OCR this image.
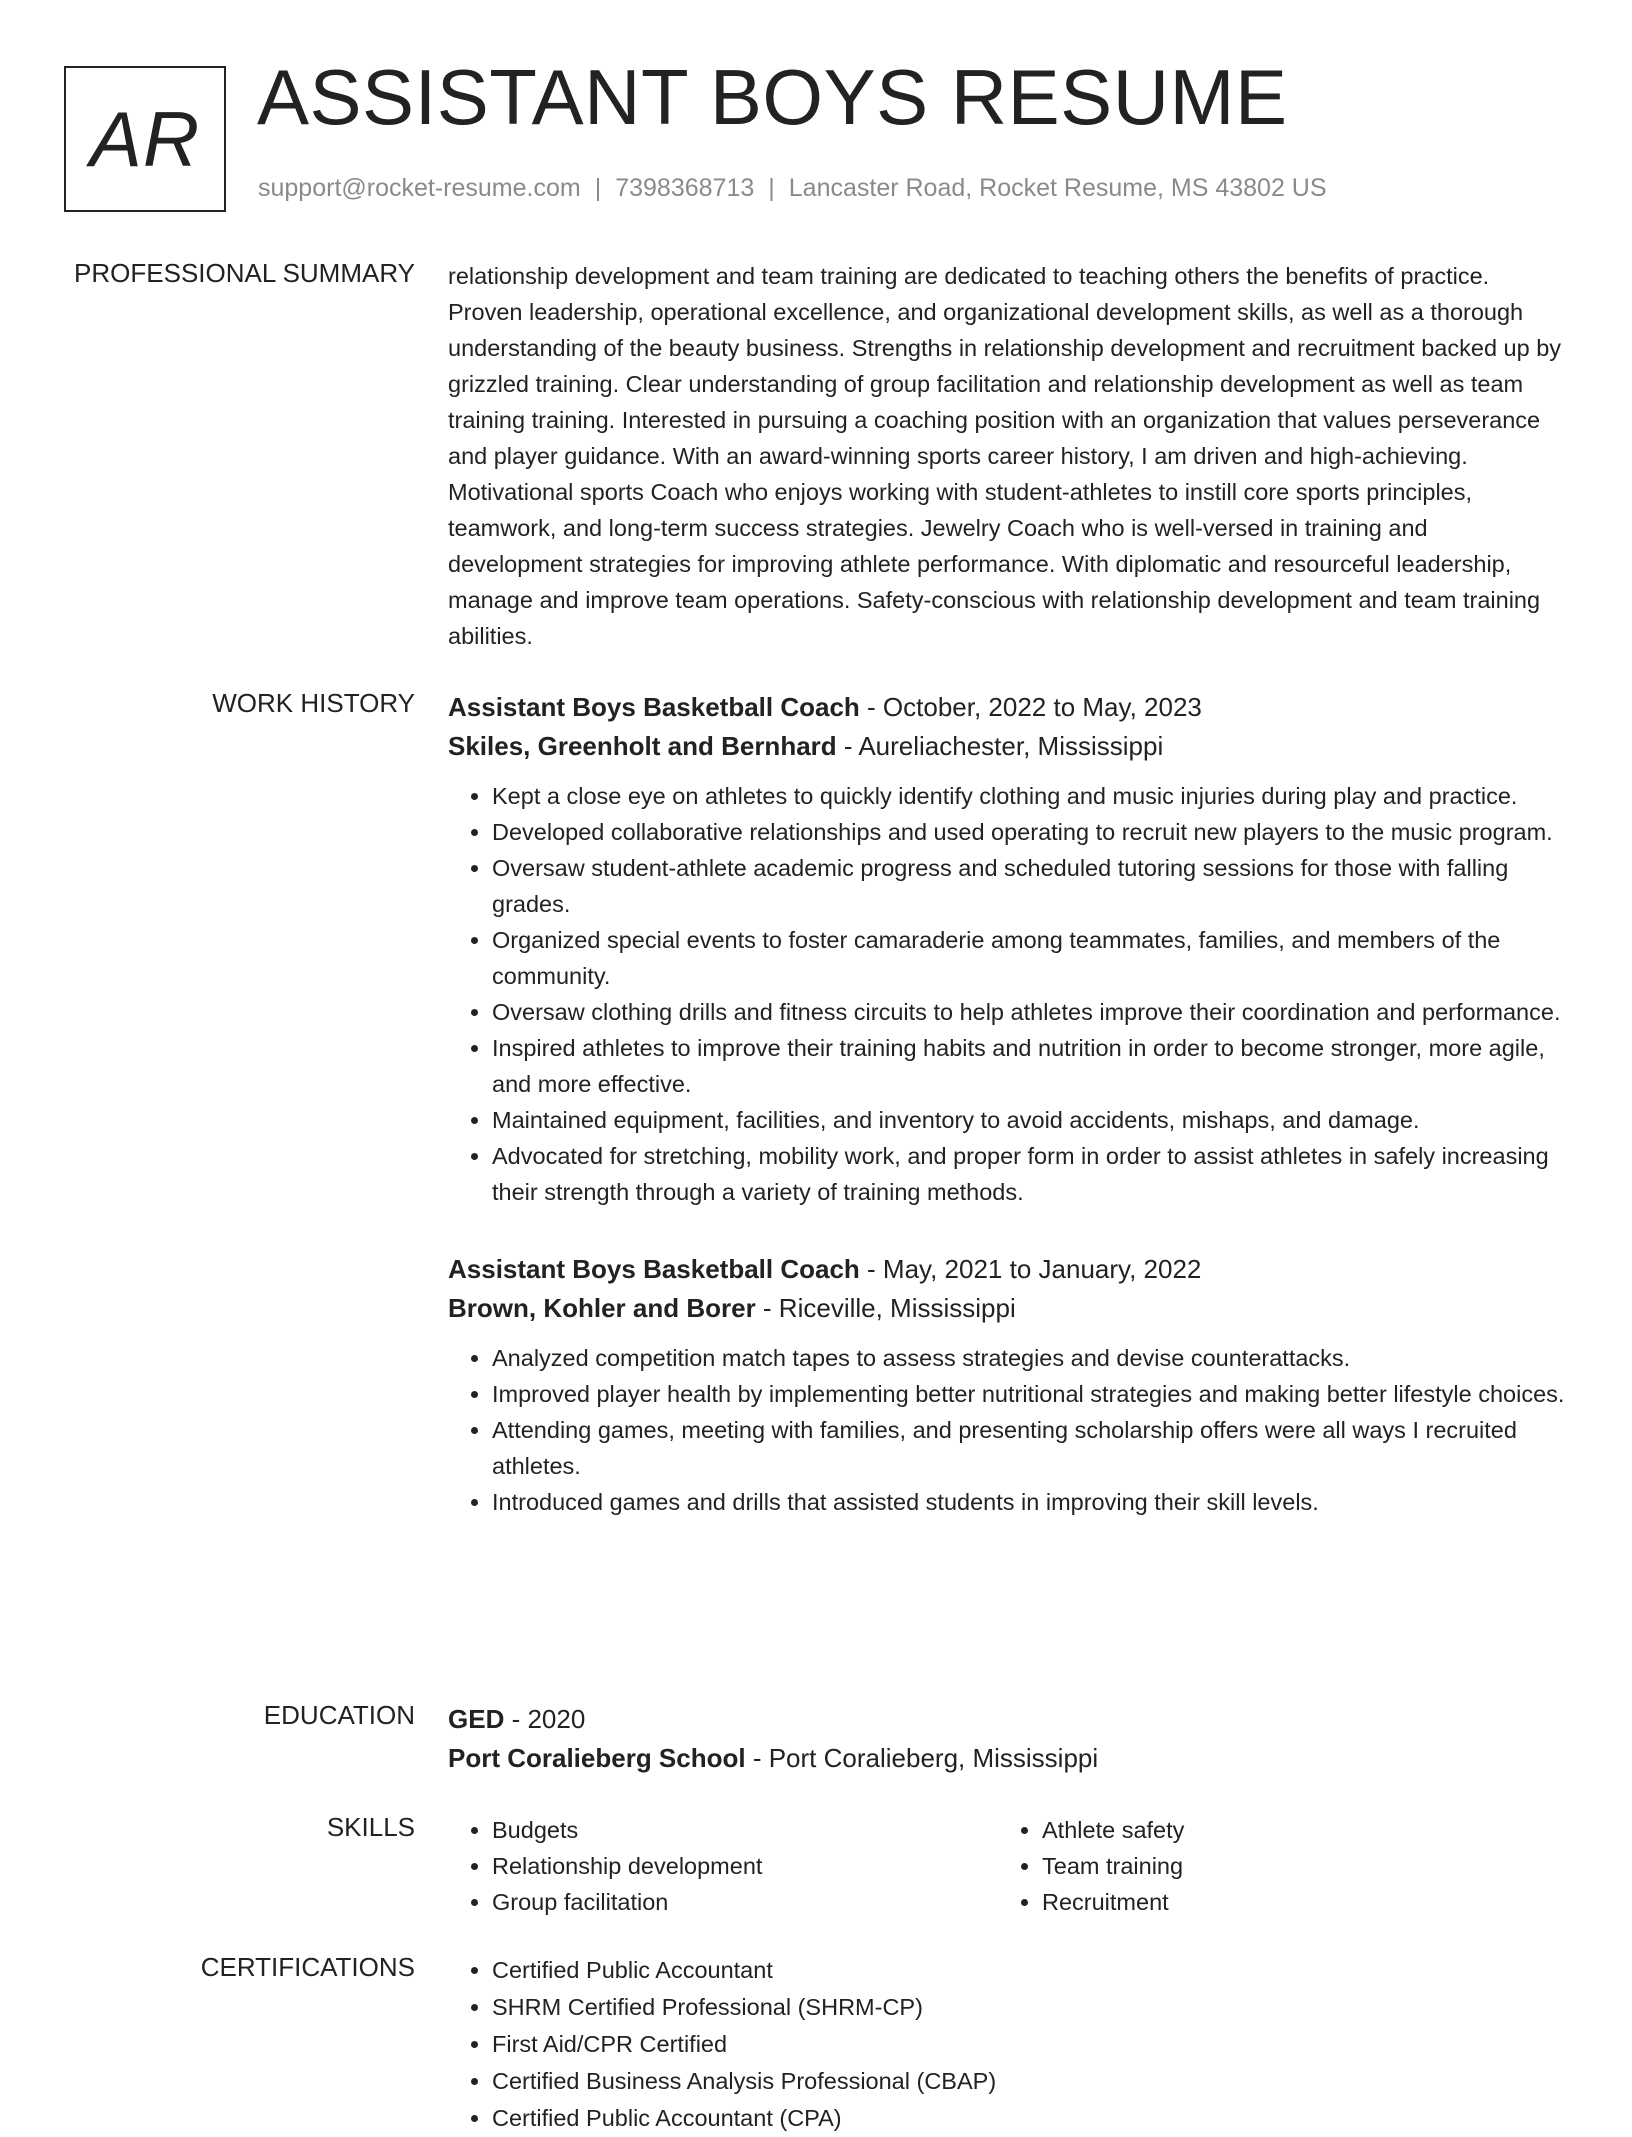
AR ASSISTANT BOYS RESUME
support@rocket-resume.com | 7398368713 | Lancaster Road, Rocket Resume, MS 43802 US
PROFESSIONAL SUMMARY relationship development and team training are dedicated to teaching others the benefits of practice. Proven leadership, operational excellence, and organizational development skills, as well as a thorough understanding of the beauty business. Strengths in relationship development and recruitment backed up by grizzled training. Clear understanding of group facilitation and relationship development as well as team training training. Interested in pursuing a coaching position with an organization that values perseverance and player guidance. With an award-winning sports career history, I am driven and high-achieving. Motivational sports Coach who enjoys working with student-athletes to instill core sports principles, teamwork, and long-term success strategies. Jewelry Coach who is well-versed in training and development strategies for improving athlete performance. With diplomatic and resourceful leadership, manage and improve team operations. Safety-conscious with relationship development and team training abilities.

WORK HISTORY Assistant Boys Basketball Coach - October, 2022 to May, 2023
Skiles, Greenholt and Bernhard - Aureliachester, Mississippi
• Kept a close eye on athletes to quickly identify clothing and music injuries during play and practice.
• Developed collaborative relationships and used operating to recruit new players to the music program.
• Oversaw student-athlete academic progress and scheduled tutoring sessions for those with falling grades.
• Organized special events to foster camaraderie among teammates, families, and members of the community.
• Oversaw clothing drills and fitness circuits to help athletes improve their coordination and performance.
• Inspired athletes to improve their training habits and nutrition in order to become stronger, more agile, and more effective.
• Maintained equipment, facilities, and inventory to avoid accidents, mishaps, and damage.
• Advocated for stretching, mobility work, and proper form in order to assist athletes in safely increasing their strength through a variety of training methods.
Assistant Boys Basketball Coach - May, 2021 to January, 2022
Brown, Kohler and Borer - Riceville, Mississippi
• Analyzed competition match tapes to assess strategies and devise counterattacks.
• Improved player health by implementing better nutritional strategies and making better lifestyle choices.
• Attending games, meeting with families, and presenting scholarship offers were all ways I recruited athletes.
• Introduced games and drills that assisted students in improving their skill levels.
EDUCATION GED - 2020
Port Coralieberg School - Port Coralieberg, Mississippi
SKILLS	• Budgets
• Relationship development
• Group facilitation
• Athlete safety
• Team training
• Recruitment
CERTIFICATIONS	• Certified Public Accountant
• SHRM Certified Professional (SHRM-CP)
• First Aid/CPR Certified
• Certified Business Analysis Professional (CBAP)
• Certified Public Accountant (CPA)
